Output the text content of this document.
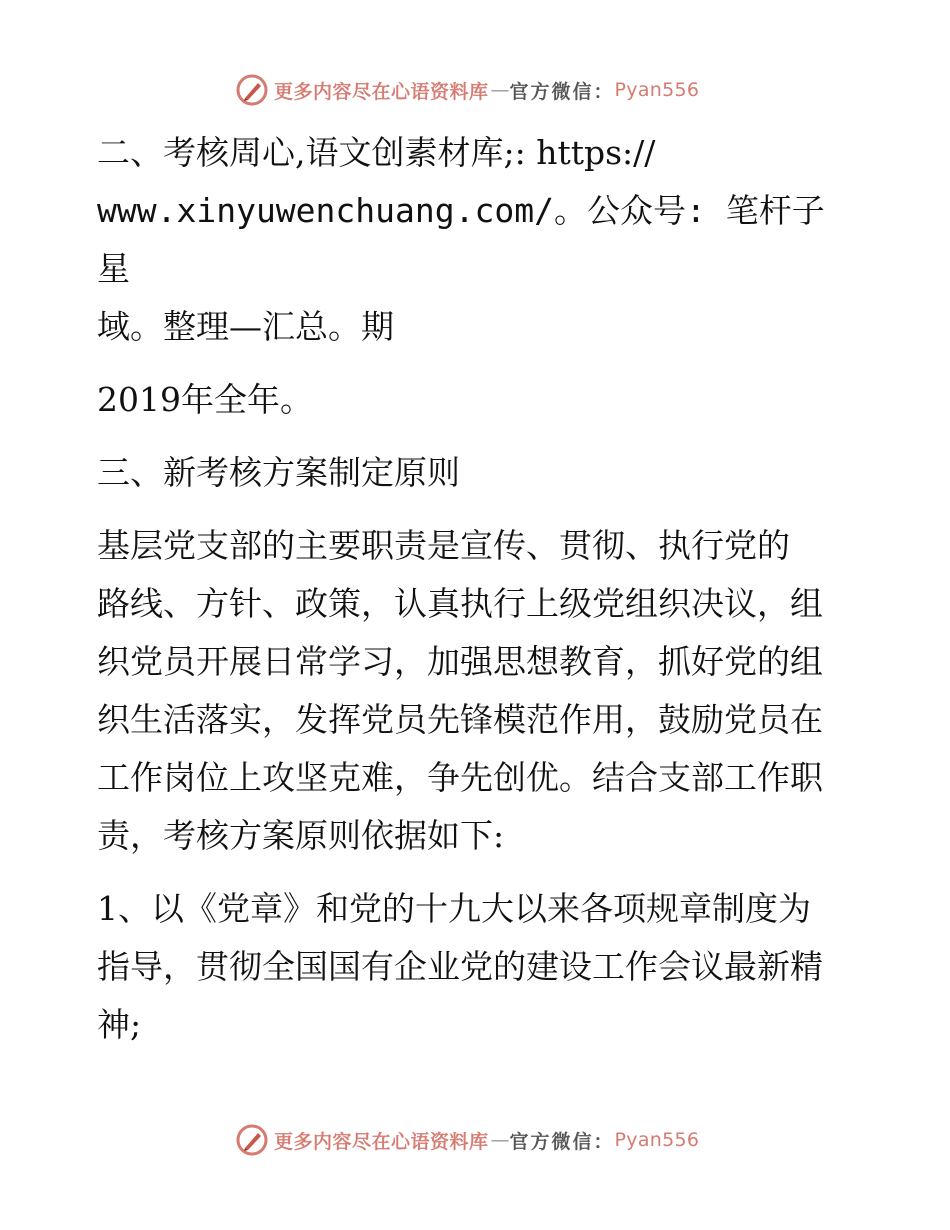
更多内容尽在心语资料库 — 官方微信： Pyan556

二、考核周心,语文创素材库;: https://
www.xinyuwenchuang.com/。公众号: 笔杆子星
域。整理—汇总。期

2019年全年。

三、新考核方案制定原则

基层党支部的主要职责是宣传、贯彻、执行党的
路线、方针、政策，认真执行上级党组织决议，组
织党员开展日常学习，加强思想教育，抓好党的组
织生活落实，发挥党员先锋模范作用，鼓励党员在
工作岗位上攻坚克难，争先创优。结合支部工作职
责，考核方案原则依据如下:

1、以《党章》和党的十九大以来各项规章制度为
指导，贯彻全国国有企业党的建设工作会议最新精
神;

更多内容尽在心语资料库 — 官方微信： Pyan556
